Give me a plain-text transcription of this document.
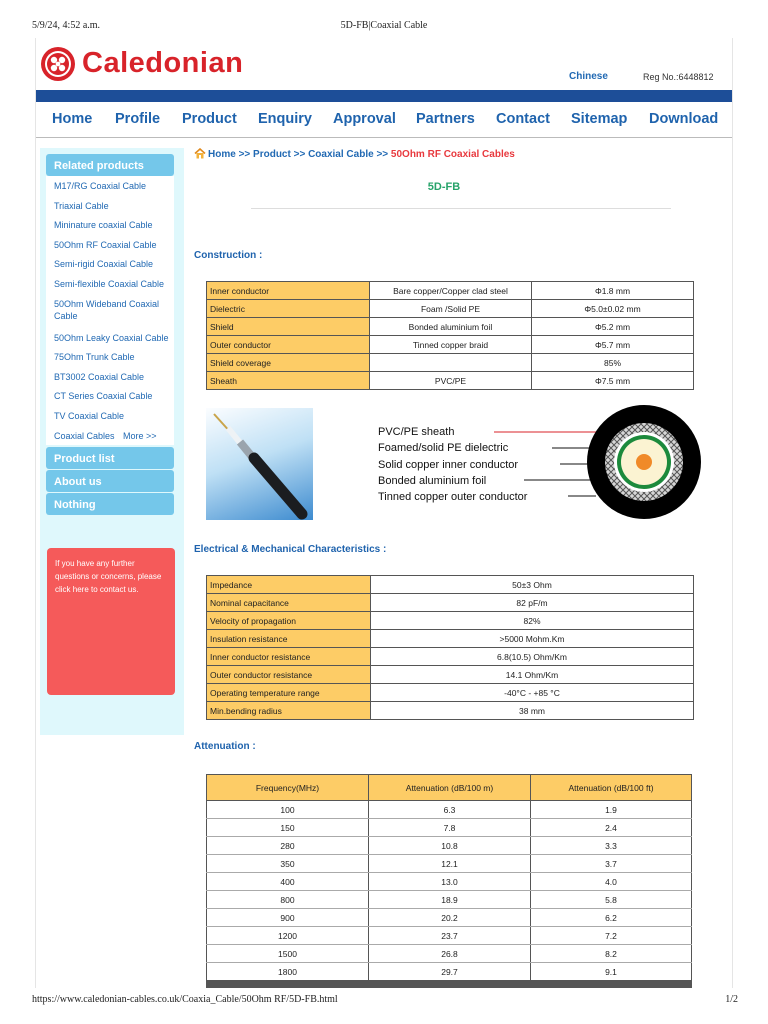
5/9/24, 4:52 a.m.	5D-FB|Coaxial Cable
Caledonian	Chinese	Reg No.:6448812
Home Profile Product Enquiry Approval Partners Contact Sitemap Download
Related products
M17/RG Coaxial Cable
Triaxial Cable
Mininature coaxial Cable
50Ohm RF Coaxial Cable
Semi-rigid Coaxial Cable
Semi-flexible Coaxial Cable
50Ohm Wideband Coaxial Cable
50Ohm Leaky Coaxial Cable
75Ohm Trunk Cable
BT3002 Coaxial Cable
CT Series Coaxial Cable
TV Coaxial Cable
Coaxial Cables More >>
Product list
About us
Nothing
If you have any further questions or concerns, please click here to contact us.
Home >> Product >> Coaxial Cable >> 50Ohm RF Coaxial Cables
5D-FB
Construction :
Inner conductor	Bare copper/Copper clad steel	Φ1.8 mm
Dielectric	Foam /Solid PE	Φ5.0±0.02 mm
Shield	Bonded aluminium foil	Φ5.2 mm
Outer conductor	Tinned copper braid	Φ5.7 mm
Shield coverage		85%
Sheath	PVC/PE	Φ7.5 mm
PVC/PE sheath
Foamed/solid PE dielectric
Solid copper inner conductor
Bonded aluminium foil
Tinned copper outer conductor
Electrical & Mechanical Characteristics :
Impedance	50±3 Ohm
Nominal capacitance	82 pF/m
Velocity of propagation	82%
Insulation resistance	>5000 Mohm.Km
Inner conductor resistance	6.8(10.5) Ohm/Km
Outer conductor resistance	14.1 Ohm/Km
Operating temperature range	-40°C - +85 °C
Min.bending radius	38 mm
Attenuation :
Frequency(MHz)	Attenuation (dB/100 m)	Attenuation (dB/100 ft)
100	6.3	1.9
150	7.8	2.4
280	10.8	3.3
350	12.1	3.7
400	13.0	4.0
800	18.9	5.8
900	20.2	6.2
1200	23.7	7.2
1500	26.8	8.2
1800	29.7	9.1
https://www.caledonian-cables.co.uk/Coaxia_Cable/50Ohm RF/5D-FB.html	1/2
